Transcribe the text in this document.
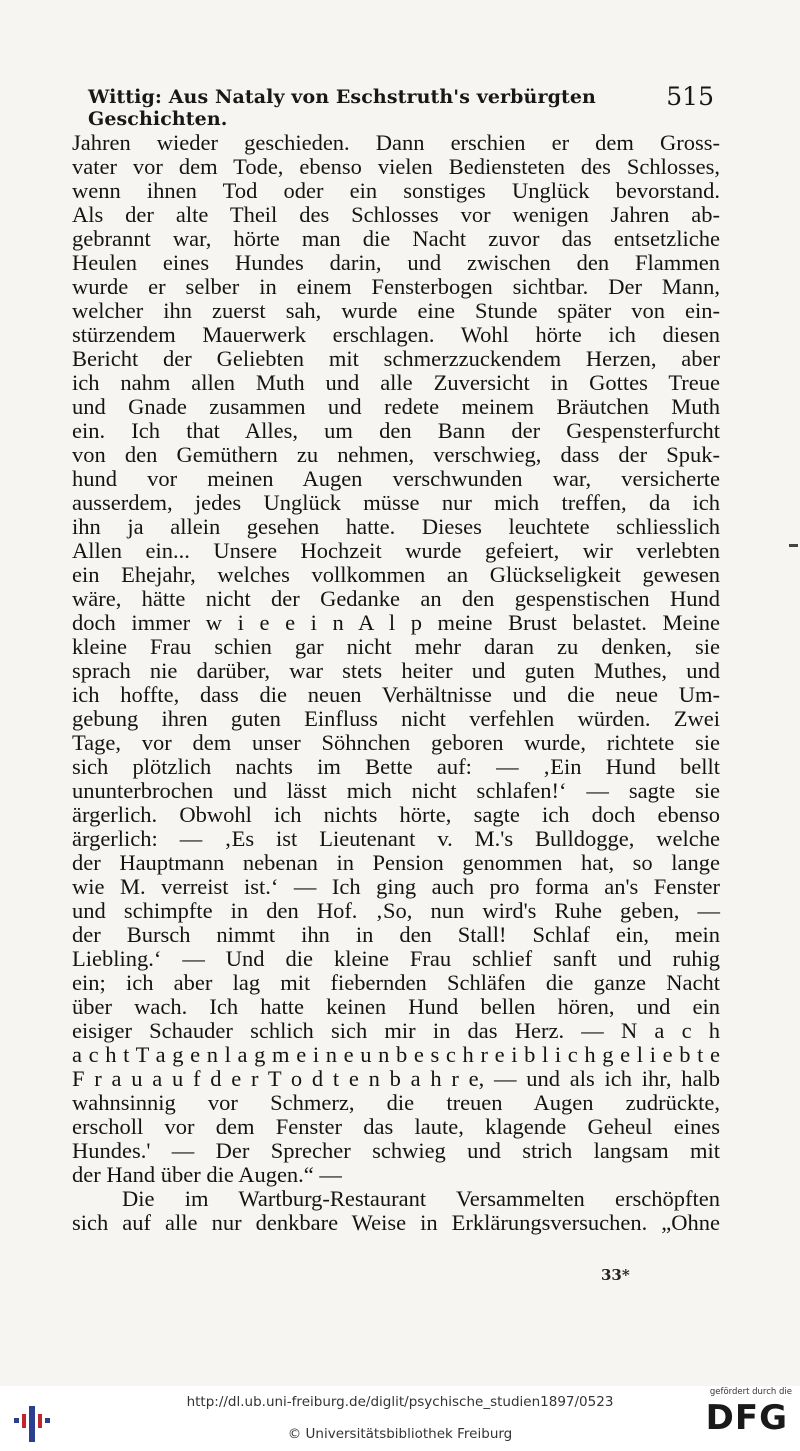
Wittig: Aus Nataly von Eschstruth's verbürgten Geschichten.
515
Jahren wieder geschieden. Dann erschien er dem Gross-
vater vor dem Tode, ebenso vielen Bediensteten des Schlosses,
wenn ihnen Tod oder ein sonstiges Unglück bevorstand.
Als der alte Theil des Schlosses vor wenigen Jahren ab-
gebrannt war, hörte man die Nacht zuvor das entsetzliche
Heulen eines Hundes darin, und zwischen den Flammen
wurde er selber in einem Fensterbogen sichtbar. Der Mann,
welcher ihn zuerst sah, wurde eine Stunde später von ein-
stürzendem Mauerwerk erschlagen. Wohl hörte ich diesen
Bericht der Geliebten mit schmerzzuckendem Herzen, aber
ich nahm allen Muth und alle Zuversicht in Gottes Treue
und Gnade zusammen und redete meinem Bräutchen Muth
ein. Ich that Alles, um den Bann der Gespensterfurcht
von den Gemüthern zu nehmen, verschwieg, dass der Spuk-
hund vor meinen Augen verschwunden war, versicherte
ausserdem, jedes Unglück müsse nur mich treffen, da ich
ihn ja allein gesehen hatte. Dieses leuchtete schliesslich
Allen ein... Unsere Hochzeit wurde gefeiert, wir verlebten
ein Ehejahr, welches vollkommen an Glückseligkeit gewesen
wäre, hätte nicht der Gedanke an den gespenstischen Hund
doch immer w i e e i n A l p meine Brust belastet. Meine
kleine Frau schien gar nicht mehr daran zu denken, sie
sprach nie darüber, war stets heiter und guten Muthes, und
ich hoffte, dass die neuen Verhältnisse und die neue Um-
gebung ihren guten Einfluss nicht verfehlen würden. Zwei
Tage, vor dem unser Söhnchen geboren wurde, richtete sie
sich plötzlich nachts im Bette auf: — ‚Ein Hund bellt
ununterbrochen und lässt mich nicht schlafen!‘ — sagte sie
ärgerlich. Obwohl ich nichts hörte, sagte ich doch ebenso
ärgerlich: — ‚Es ist Lieutenant v. M.'s Bulldogge, welche
der Hauptmann nebenan in Pension genommen hat, so lange
wie M. verreist ist.‘ — Ich ging auch pro forma an's Fenster
und schimpfte in den Hof. ‚So, nun wird's Ruhe geben, —
der Bursch nimmt ihn in den Stall! Schlaf ein, mein
Liebling.‘ — Und die kleine Frau schlief sanft und ruhig
ein; ich aber lag mit fiebernden Schläfen die ganze Nacht
über wach. Ich hatte keinen Hund bellen hören, und ein
eisiger Schauder schlich sich mir in das Herz. — N a c h
a c h t T a g e n l a g m e i n e u n b e s c h r e i b l i c h g e l i e b t e
F r a u a u f d e r T o d t e n b a h r e, — und als ich ihr, halb
wahnsinnig vor Schmerz, die treuen Augen zudrückte,
erscholl vor dem Fenster das laute, klagende Geheul eines
Hundes.' — Der Sprecher schwieg und strich langsam mit
der Hand über die Augen.“ —
Die im Wartburg-Restaurant Versammelten erschöpften
sich auf alle nur denkbare Weise in Erklärungsversuchen. „Ohne
33*
http://dl.ub.uni-freiburg.de/diglit/psychische_studien1897/0523
© Universitätsbibliothek Freiburg
gefördert durch die
DFG
